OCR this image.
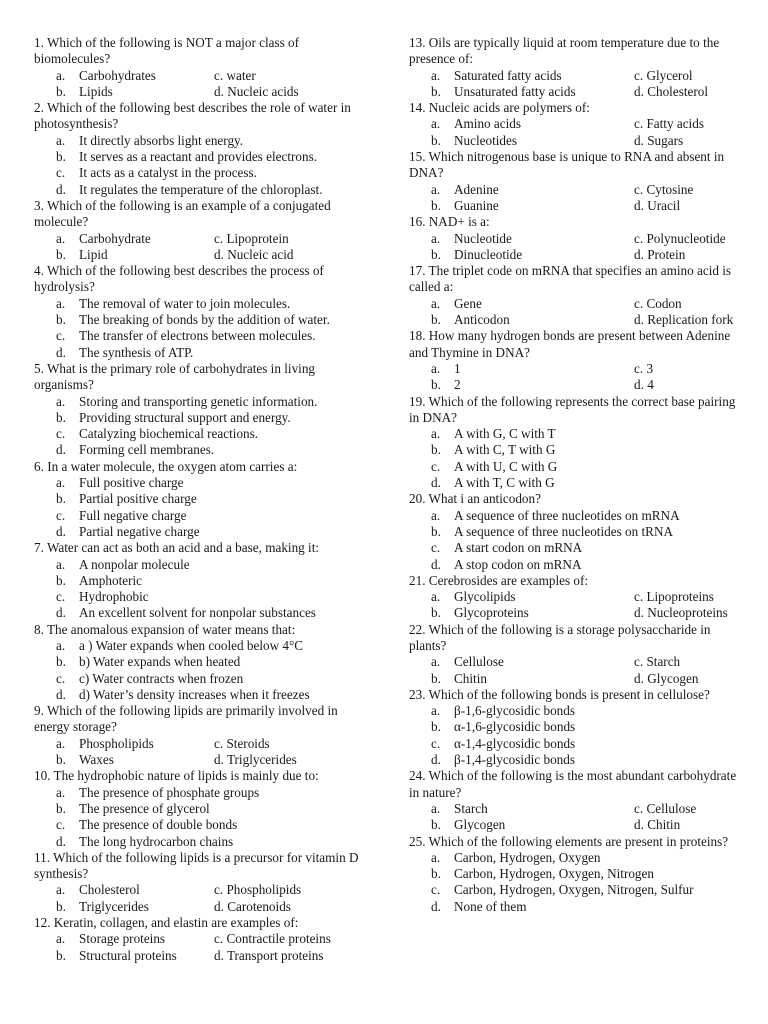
1. Which of the following is NOT a major class of biomolecules?
a.	Carbohydrates	c. water
b. Lipids	d. Nucleic acids
2. Which of the following best describes the role of water in photosynthesis?
a.	It directly absorbs light energy.
b. It serves as a reactant and provides electrons.
c.	It acts as a catalyst in the process.
d. It regulates the temperature of the chloroplast.
3. Which of the following is an example of a conjugated molecule?
a.	Carbohydrate	c. Lipoprotein
b. Lipid	d. Nucleic acid
4. Which of the following best describes the process of hydrolysis?
a.	The removal of water to join molecules.
b. The breaking of bonds by the addition of water.
c.	The transfer of electrons between molecules.
d. The synthesis of ATP.
5. What is the primary role of carbohydrates in living organisms?
a.	Storing and transporting genetic information.
b. Providing structural support and energy.
c.	Catalyzing biochemical reactions.
d. Forming cell membranes.
6. In a water molecule, the oxygen atom carries a:
a.	Full positive charge
b. Partial positive charge
c.	Full negative charge
d. Partial negative charge
7. Water can act as both an acid and a base, making it:
a.	A nonpolar molecule
b. Amphoteric
c.	Hydrophobic
d. An excellent solvent for nonpolar substances
8. The anomalous expansion of water means that:
a.	a ) Water expands when cooled below 4°C
b. b) Water expands when heated
c.	c) Water contracts when frozen
d. d) Water’s density increases when it freezes
9. Which of the following lipids are primarily involved in energy storage?
a.	Phospholipids	c. Steroids
b. Waxes	d. Triglycerides
10. The hydrophobic nature of lipids is mainly due to:
a.	The presence of phosphate groups
b. The presence of glycerol
c.	The presence of double bonds
d. The long hydrocarbon chains
11. Which of the following lipids is a precursor for vitamin D synthesis?
a.	Cholesterol	c. Phospholipids
b. Triglycerides	d. Carotenoids
12. Keratin, collagen, and elastin are examples of:
a.	Storage proteins	c. Contractile proteins
b. Structural proteins	d. Transport proteins
13. Oils are typically liquid at room temperature due to the presence of:
a.	Saturated fatty acids	c. Glycerol
b. Unsaturated fatty acids	d. Cholesterol
14. Nucleic acids are polymers of:
a.	Amino acids	c. Fatty acids
b. Nucleotides	d. Sugars
15. Which nitrogenous base is unique to RNA and absent in DNA?
a.	Adenine	c. Cytosine
b. Guanine	d. Uracil
16. NAD+ is a:
a.	Nucleotide	c. Polynucleotide
b. Dinucleotide	d. Protein
17. The triplet code on mRNA that specifies an amino acid is called a:
a.	Gene	c. Codon
b. Anticodon	d. Replication fork
18. How many hydrogen bonds are present between Adenine and Thymine in DNA?
a.	1	c. 3
b. 2	d. 4
19. Which of the following represents the correct base pairing in DNA?
a.	A with G, C with T
b. A with C, T with G
c.	A with U, C with G
d. A with T, C with G
20. What i an anticodon?
a.	A sequence of three nucleotides on mRNA
b. A sequence of three nucleotides on tRNA
c.	A start codon on mRNA
d. A stop codon on mRNA
21. Cerebrosides are examples of:
a.	Glycolipids	c. Lipoproteins
b. Glycoproteins	d. Nucleoproteins
22. Which of the following is a storage polysaccharide in plants?
a.	Cellulose	c. Starch
b. Chitin	d. Glycogen
23. Which of the following bonds is present in cellulose?
a.	β-1,6-glycosidic bonds
b. α-1,6-glycosidic bonds
c.	α-1,4-glycosidic bonds
d. β-1,4-glycosidic bonds
24. Which of the following is the most abundant carbohydrate in nature?
a.	Starch	c. Cellulose
b. Glycogen	d. Chitin
25. Which of the following elements are present in proteins?
a.	Carbon, Hydrogen, Oxygen
b. Carbon, Hydrogen, Oxygen, Nitrogen
c.	Carbon, Hydrogen, Oxygen, Nitrogen, Sulfur
d. None of them
